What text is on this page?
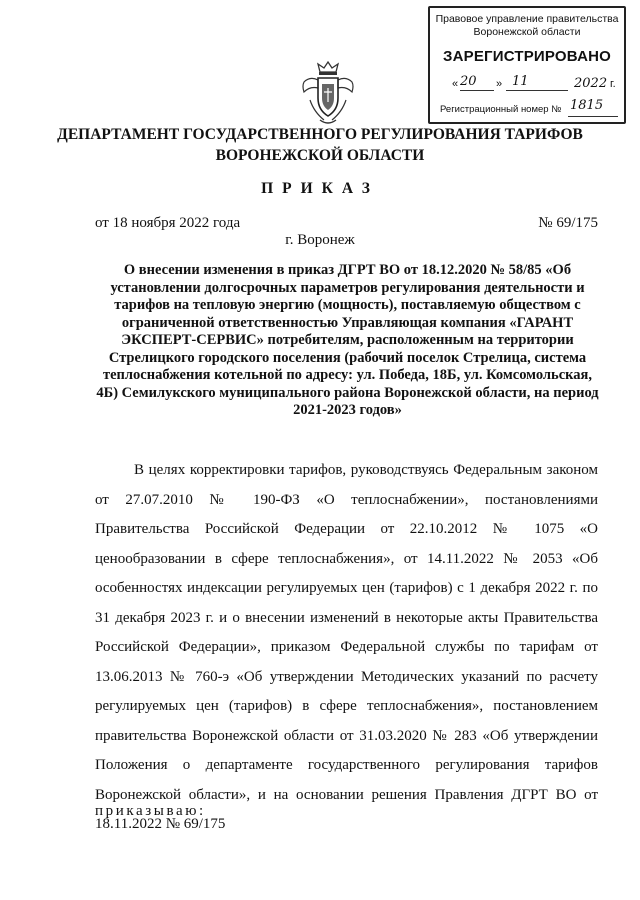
Правовое управление правительства Воронежской области
ЗАРЕГИСТРИРОВАНО
« 20 » 11	2022 г.
Регистрационный номер № 1815
ДЕПАРТАМЕНТ ГОСУДАРСТВЕННОГО РЕГУЛИРОВАНИЯ ТАРИФОВ ВОРОНЕЖСКОЙ ОБЛАСТИ
ПРИКАЗ
от 18 ноября 2022 года	№ 69/175
г. Воронеж
О внесении изменения в приказ ДГРТ ВО от 18.12.2020 № 58/85 «Об установлении долгосрочных параметров регулирования деятельности и тарифов на тепловую энергию (мощность), поставляемую обществом с ограниченной ответственностью Управляющая компания «ГАРАНТ ЭКСПЕРТ-СЕРВИС» потребителям, расположенным на территории Стрелицкого городского поселения (рабочий поселок Стрелица, система теплоснабжения котельной по адресу: ул. Победа, 18Б, ул. Комсомольская, 4Б) Семилукского муниципального района Воронежской области, на период 2021-2023 годов»
В целях корректировки тарифов, руководствуясь Федеральным законом от 27.07.2010 № 190-ФЗ «О теплоснабжении», постановлениями Правительства Российской Федерации от 22.10.2012 № 1075 «О ценообразовании в сфере теплоснабжения», от 14.11.2022 № 2053 «Об особенностях индексации регулируемых цен (тарифов) с 1 декабря 2022 г. по 31 декабря 2023 г. и о внесении изменений в некоторые акты Правительства Российской Федерации», приказом Федеральной службы по тарифам от 13.06.2013 № 760-э «Об утверждении Методических указаний по расчету регулируемых цен (тарифов) в сфере теплоснабжения», постановлением правительства Воронежской области от 31.03.2020 № 283 «Об утверждении Положения о департаменте государственного регулирования тарифов Воронежской области», и на основании решения Правления ДГРТ ВО от 18.11.2022 № 69/175
приказываю:
